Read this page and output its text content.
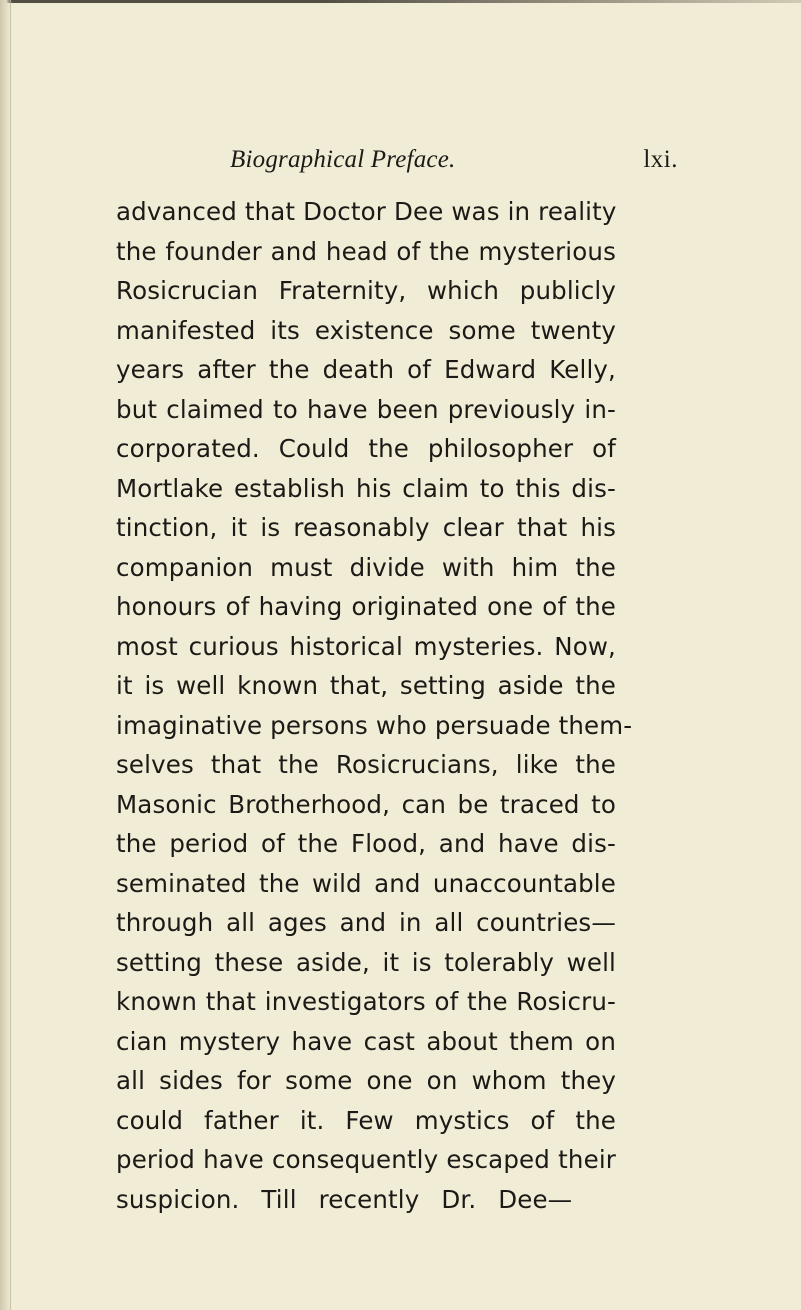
Biographical Preface.	lxi.
advanced that Doctor Dee was in reality
the founder and head of the mysterious
Rosicrucian Fraternity, which publicly
manifested its existence some twenty
years after the death of Edward Kelly,
but claimed to have been previously in-
corporated. Could the philosopher of
Mortlake establish his claim to this dis-
tinction, it is reasonably clear that his
companion must divide with him the
honours of having originated one of the
most curious historical mysteries. Now,
it is well known that, setting aside the
imaginative persons who persuade them-
selves that the Rosicrucians, like the
Masonic Brotherhood, can be traced to
the period of the Flood, and have dis-
seminated the wild and unaccountable
through all ages and in all countries—
setting these aside, it is tolerably well
known that investigators of the Rosicru-
cian mystery have cast about them on
all sides for some one on whom they
could father it. Few mystics of the
period have consequently escaped their
suspicion. Till recently Dr. Dee—
